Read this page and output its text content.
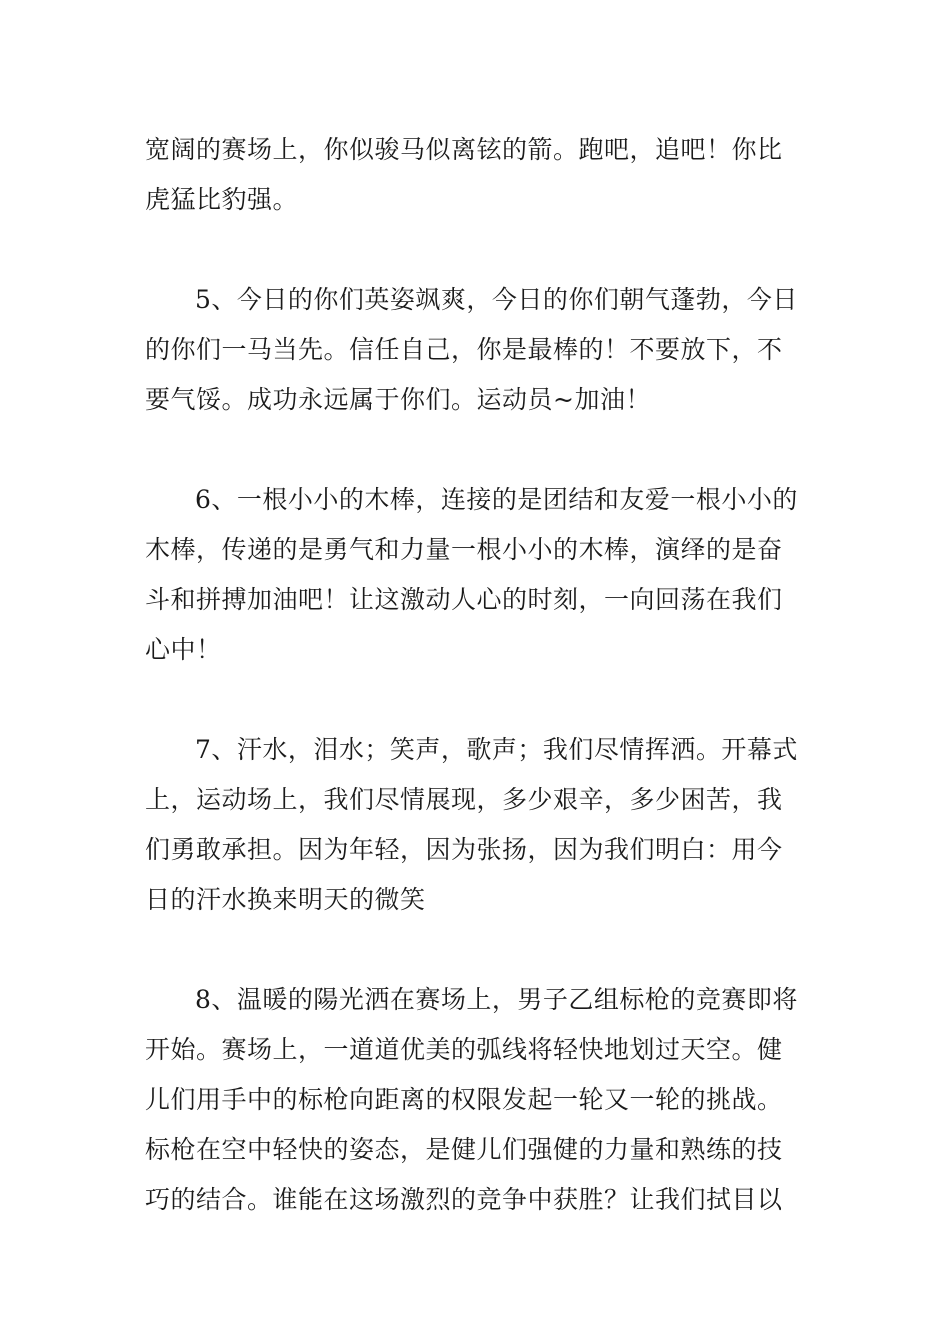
宽阔的赛场上，你似骏马似离铉的箭。跑吧，追吧！你比
虎猛比豹强。
5、今日的你们英姿飒爽，今日的你们朝气蓬勃，今日
的你们一马当先。信任自己，你是最棒的！不要放下，不
要气馁。成功永远属于你们。运动员~加油！
6、一根小小的木棒，连接的是团结和友爱一根小小的
木棒，传递的是勇气和力量一根小小的木棒，演绎的是奋
斗和拼搏加油吧！让这激动人心的时刻，一向回荡在我们
心中！
7、汗水，泪水；笑声，歌声；我们尽情挥洒。开幕式
上，运动场上，我们尽情展现，多少艰辛，多少困苦，我
们勇敢承担。因为年轻，因为张扬，因为我们明白：用今
日的汗水换来明天的微笑
8、温暖的陽光洒在赛场上，男子乙组标枪的竞赛即将
开始。赛场上，一道道优美的弧线将轻快地划过天空。健
儿们用手中的标枪向距离的权限发起一轮又一轮的挑战。
标枪在空中轻快的姿态，是健儿们强健的力量和熟练的技
巧的结合。谁能在这场激烈的竞争中获胜？让我们拭目以
